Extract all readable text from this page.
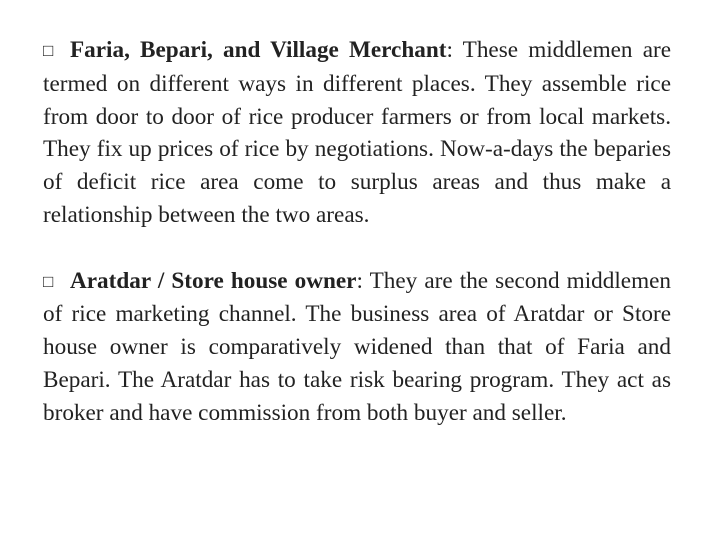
□ Faria, Bepari, and Village Merchant: These middlemen are termed on different ways in different places. They assemble rice from door to door of rice producer farmers or from local markets. They fix up prices of rice by negotiations. Now-a-days the beparies of deficit rice area come to surplus areas and thus make a relationship between the two areas.

□ Aratdar / Store house owner: They are the second middlemen of rice marketing channel. The business area of Aratdar or Store house owner is comparatively widened than that of Faria and Bepari. The Aratdar has to take risk bearing program. They act as broker and have commission from both buyer and seller.
